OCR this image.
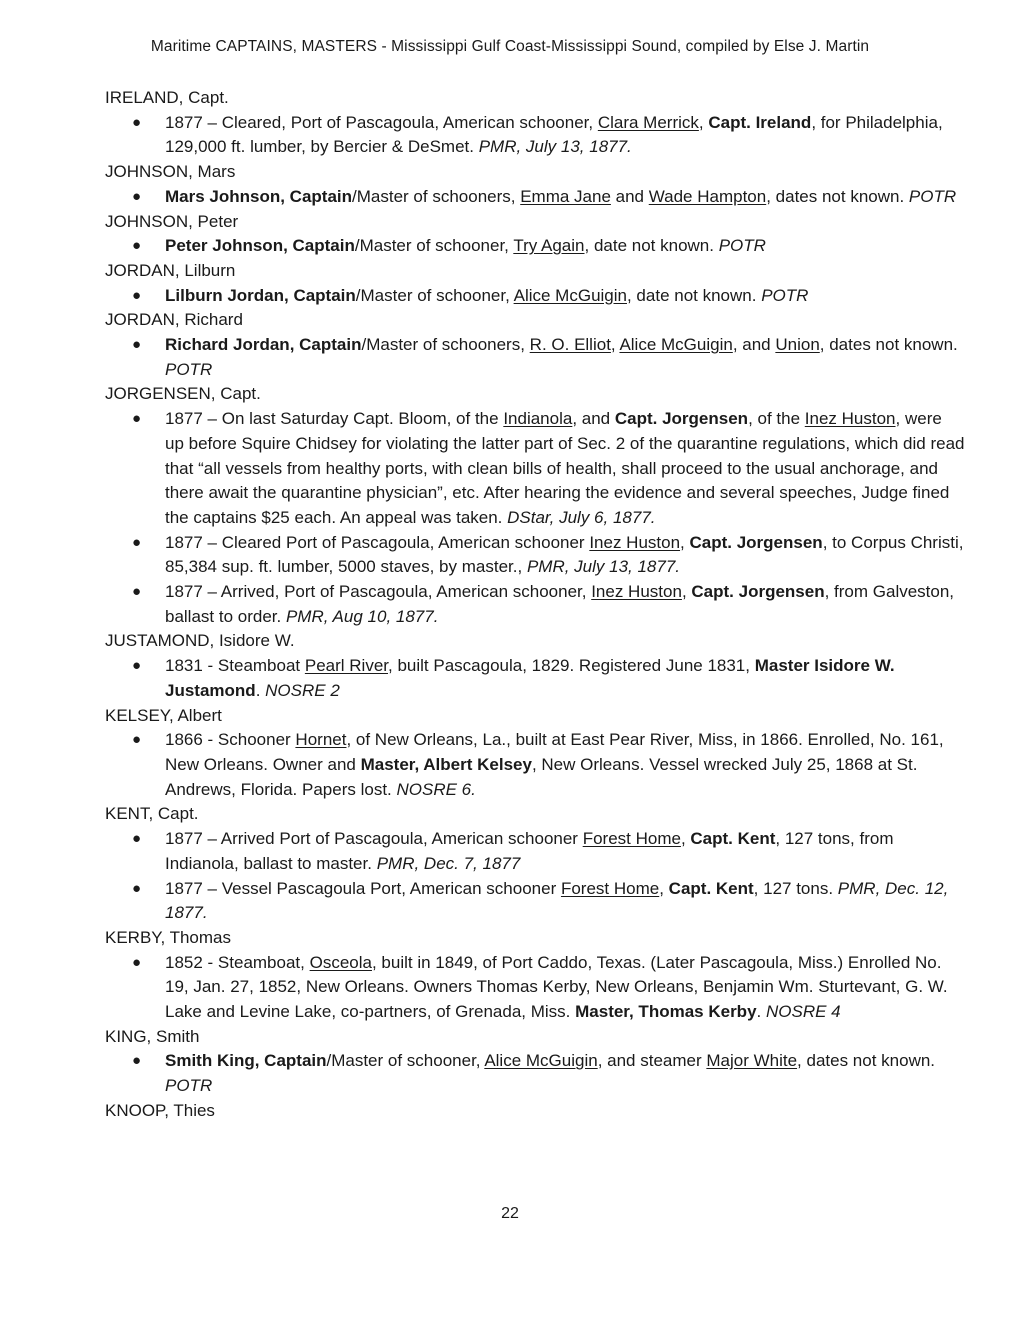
Maritime CAPTAINS, MASTERS - Mississippi Gulf Coast-Mississippi Sound, compiled by Else J. Martin
IRELAND, Capt.
● 1877 – Cleared, Port of Pascagoula, American schooner, Clara Merrick, Capt. Ireland, for Philadelphia, 129,000 ft. lumber, by Bercier & DeSmet. PMR, July 13, 1877.
JOHNSON, Mars
● Mars Johnson, Captain/Master of schooners, Emma Jane and Wade Hampton, dates not known. POTR
JOHNSON, Peter
● Peter Johnson, Captain/Master of schooner, Try Again, date not known. POTR
JORDAN, Lilburn
● Lilburn Jordan, Captain/Master of schooner, Alice McGuigin, date not known. POTR
JORDAN, Richard
● Richard Jordan, Captain/Master of schooners, R. O. Elliot, Alice McGuigin, and Union, dates not known. POTR
JORGENSEN, Capt.
● 1877 – On last Saturday Capt. Bloom, of the Indianola, and Capt. Jorgensen, of the Inez Huston, were up before Squire Chidsey for violating the latter part of Sec. 2 of the quarantine regulations, which did read that “all vessels from healthy ports, with clean bills of health, shall proceed to the usual anchorage, and there await the quarantine physician”, etc. After hearing the evidence and several speeches, Judge fined the captains $25 each. An appeal was taken. DStar, July 6, 1877.
● 1877 – Cleared Port of Pascagoula, American schooner Inez Huston, Capt. Jorgensen, to Corpus Christi, 85,384 sup. ft. lumber, 5000 staves, by master., PMR, July 13, 1877.
● 1877 – Arrived, Port of Pascagoula, American schooner, Inez Huston, Capt. Jorgensen, from Galveston, ballast to order. PMR, Aug 10, 1877.
JUSTAMOND, Isidore W.
● 1831 - Steamboat Pearl River, built Pascagoula, 1829. Registered June 1831, Master Isidore W. Justamond. NOSRE 2
KELSEY, Albert
● 1866 - Schooner Hornet, of New Orleans, La., built at East Pear River, Miss, in 1866. Enrolled, No. 161, New Orleans. Owner and Master, Albert Kelsey, New Orleans. Vessel wrecked July 25, 1868 at St. Andrews, Florida. Papers lost. NOSRE 6.
KENT, Capt.
● 1877 – Arrived Port of Pascagoula, American schooner Forest Home, Capt. Kent, 127 tons, from Indianola, ballast to master. PMR, Dec. 7, 1877
● 1877 – Vessel Pascagoula Port, American schooner Forest Home, Capt. Kent, 127 tons. PMR, Dec. 12, 1877.
KERBY, Thomas
● 1852 - Steamboat, Osceola, built in 1849, of Port Caddo, Texas. (Later Pascagoula, Miss.) Enrolled No. 19, Jan. 27, 1852, New Orleans. Owners Thomas Kerby, New Orleans, Benjamin Wm. Sturtevant, G. W. Lake and Levine Lake, co-partners, of Grenada, Miss. Master, Thomas Kerby. NOSRE 4
KING, Smith
● Smith King, Captain/Master of schooner, Alice McGuigin, and steamer Major White, dates not known. POTR
KNOOP, Thies
22
